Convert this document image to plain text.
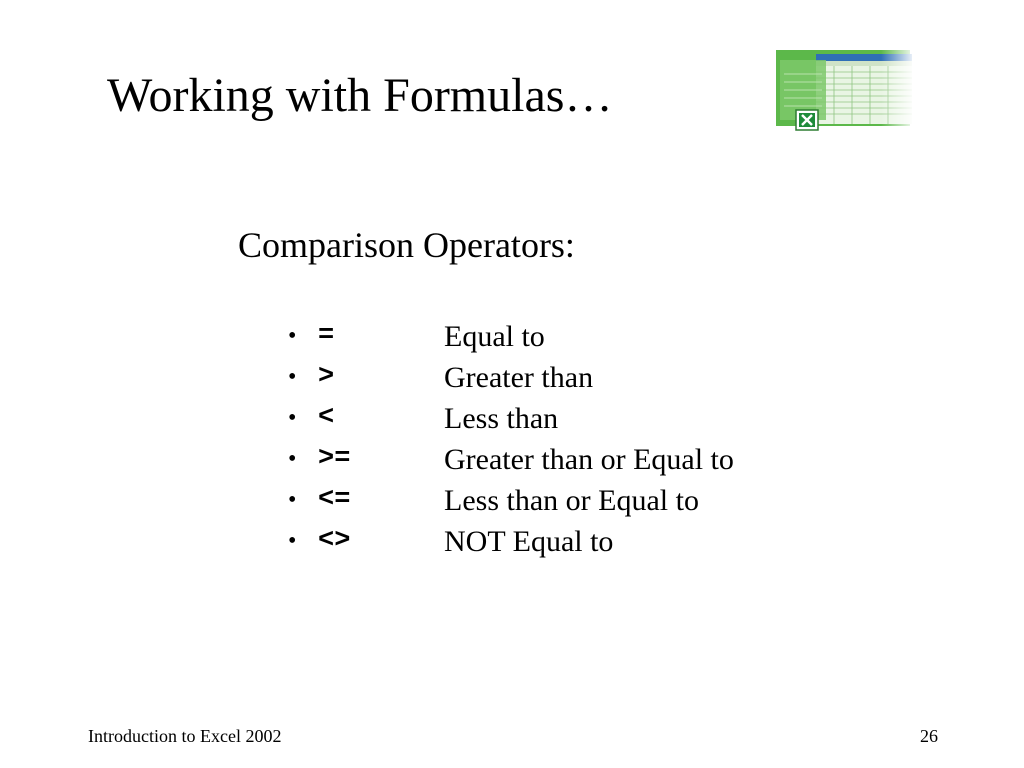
Working with Formulas…
Comparison Operators:
• =	Equal to
• >	Greater than
• <	Less than
• >=	Greater than or Equal to
• <=	Less than or Equal to
• <>	NOT Equal to
Introduction to Excel 2002	26
